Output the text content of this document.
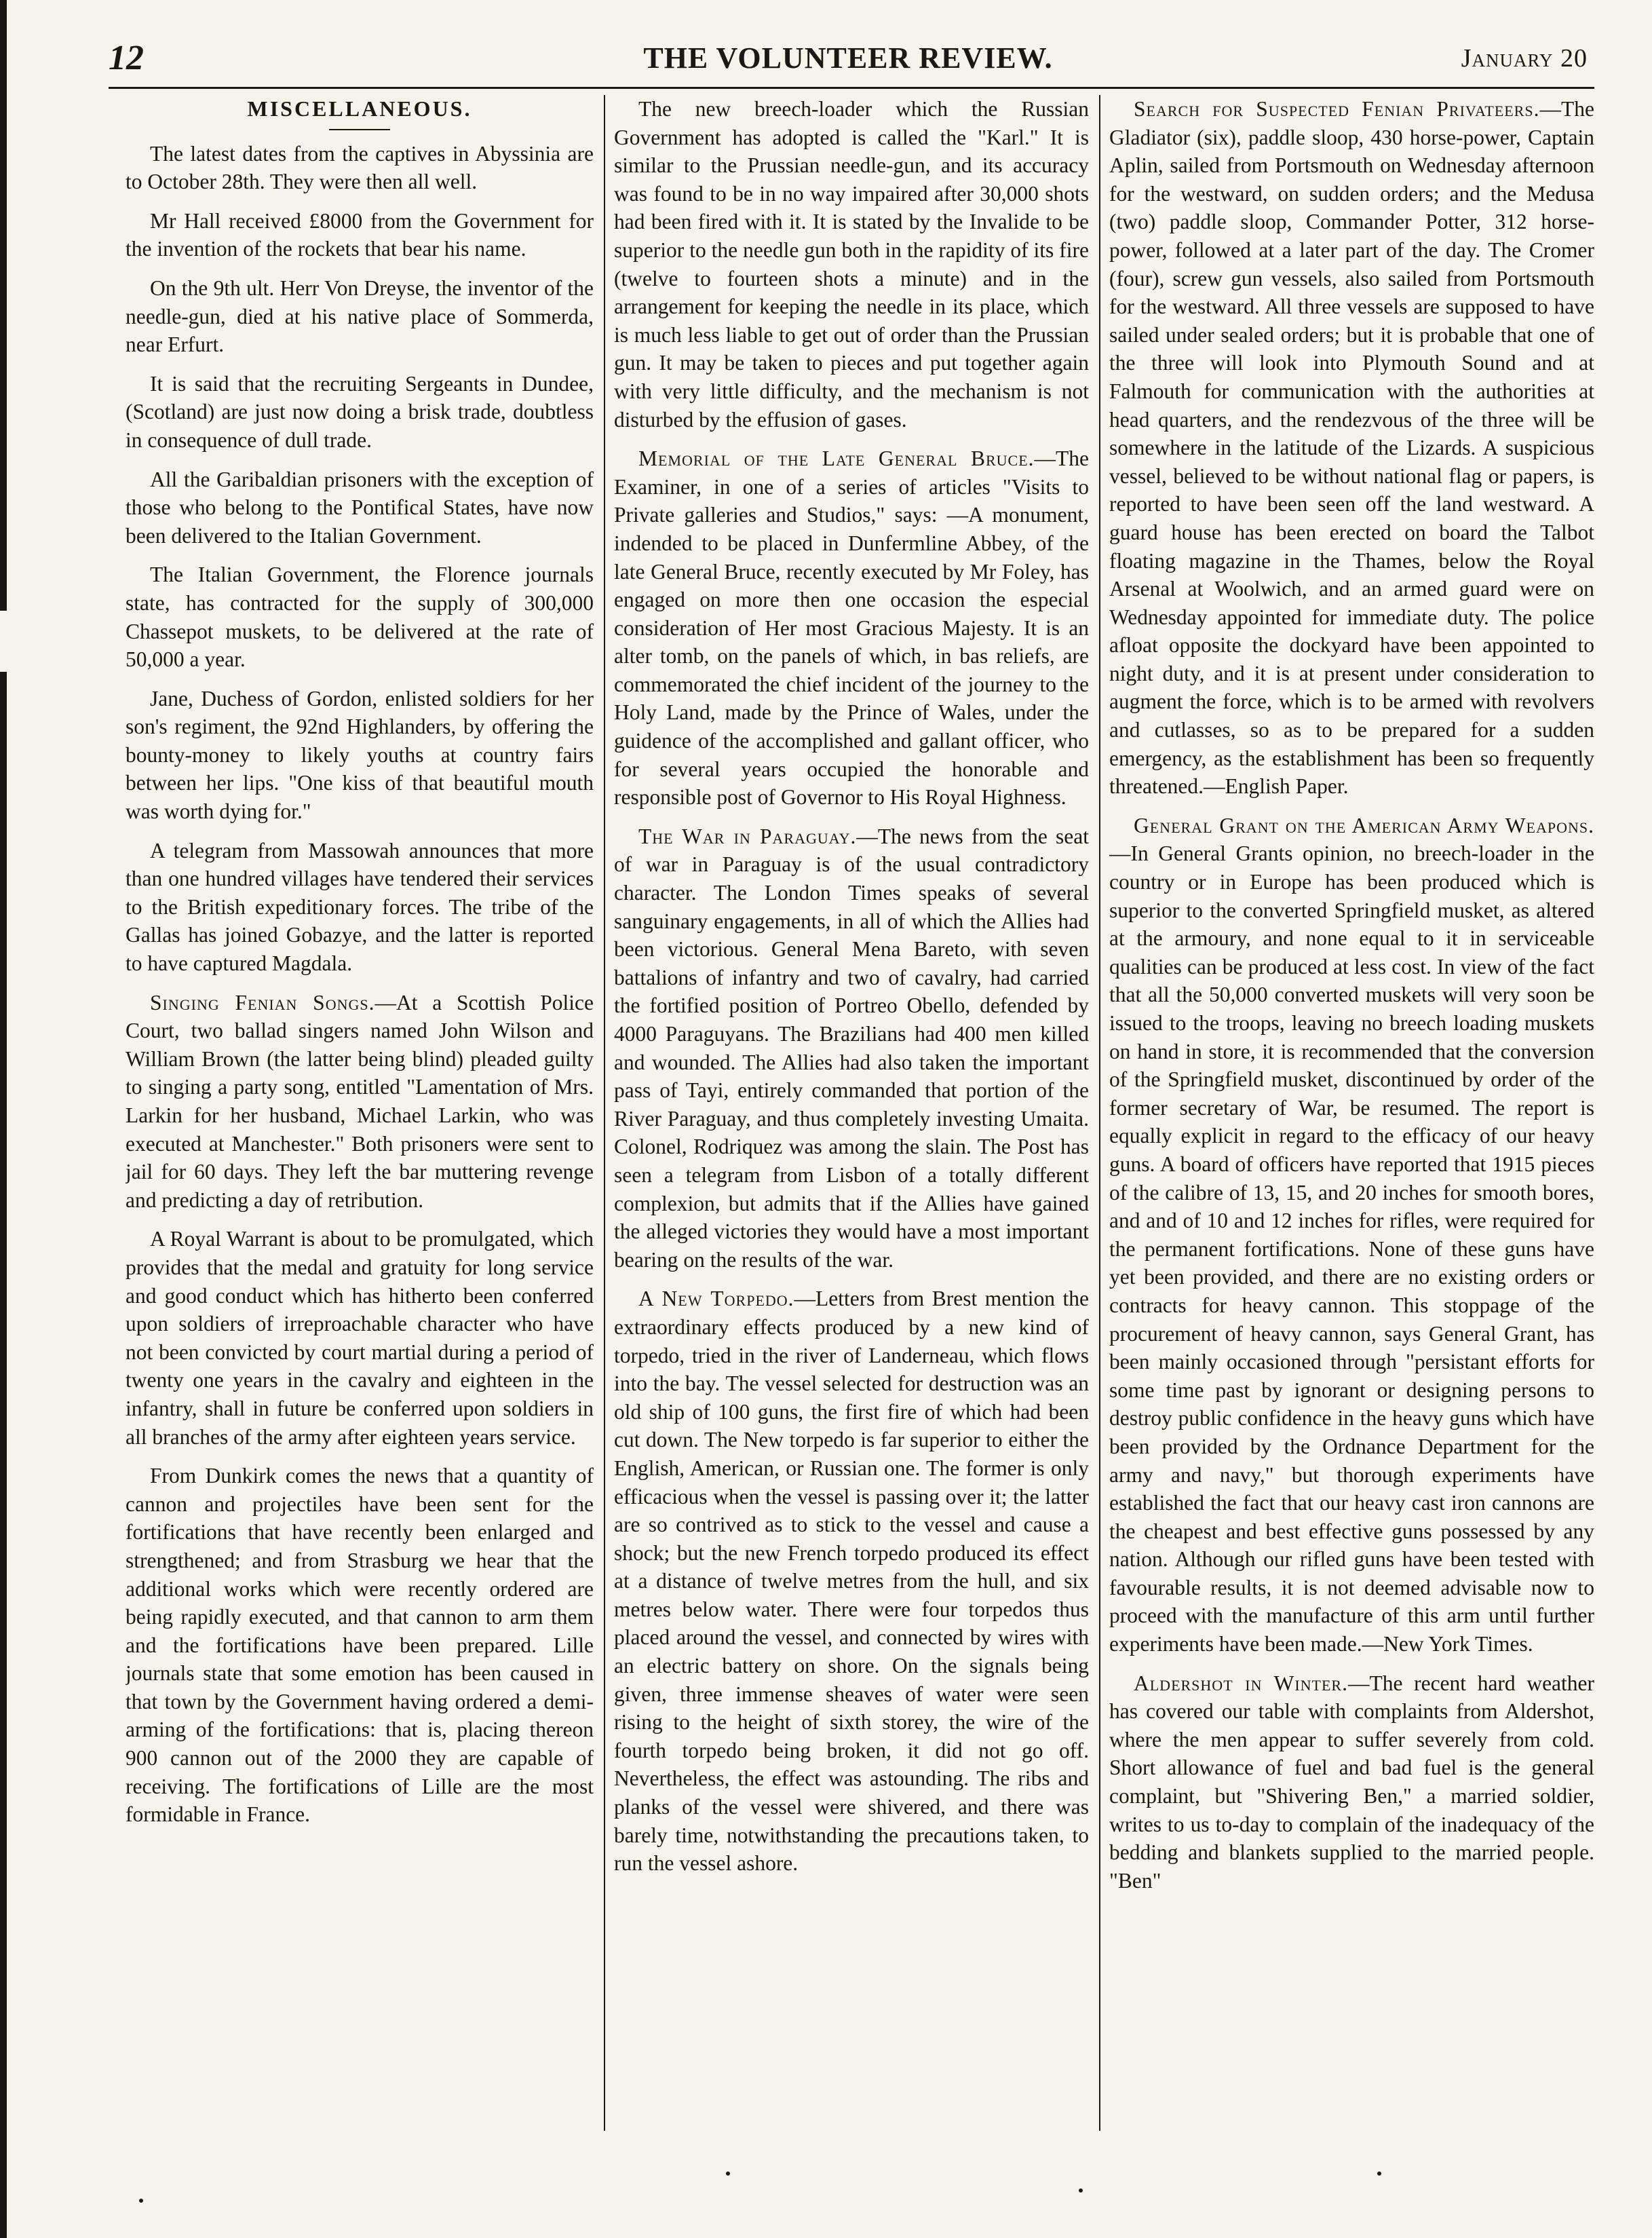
12	THE VOLUNTEER REVIEW.	January 20
MISCELLANEOUS.

The latest dates from the captives in Abyssinia are to October 28th. They were then all well.

Mr Hall received £8000 from the Government for the invention of the rockets that bear his name.

On the 9th ult. Herr Von Dreyse, the inventor of the needle-gun, died at his native place of Sommerda, near Erfurt.

It is said that the recruiting Sergeants in Dundee, (Scotland) are just now doing a brisk trade, doubtless in consequence of dull trade.

All the Garibaldian prisoners with the exception of those who belong to the Pontifical States, have now been delivered to the Italian Government.

The Italian Government, the Florence journals state, has contracted for the supply of 300,000 Chassepot muskets, to be delivered at the rate of 50,000 a year.

Jane, Duchess of Gordon, enlisted soldiers for her son's regiment, the 92nd Highlanders, by offering the bounty-money to likely youths at country fairs between her lips. "One kiss of that beautiful mouth was worth dying for."

A telegram from Massowah announces that more than one hundred villages have tendered their services to the British expeditionary forces. The tribe of the Gallas has joined Gobazye, and the latter is reported to have captured Magdala.

Singing Fenian Songs.—At a Scottish Police Court, two ballad singers named John Wilson and William Brown (the latter being blind) pleaded guilty to singing a party song, entitled "Lamentation of Mrs. Larkin for her husband, Michael Larkin, who was executed at Manchester." Both prisoners were sent to jail for 60 days. They left the bar muttering revenge and predicting a day of retribution.

A Royal Warrant is about to be promulgated, which provides that the medal and gratuity for long service and good conduct which has hitherto been conferred upon soldiers of irreproachable character who have not been convicted by court martial during a period of twenty one years in the cavalry and eighteen in the infantry, shall in future be conferred upon soldiers in all branches of the army after eighteen years service.

From Dunkirk comes the news that a quantity of cannon and projectiles have been sent for the fortifications that have recently been enlarged and strengthened; and from Strasburg we hear that the additional works which were recently ordered are being rapidly executed, and that cannon to arm them and the fortifications have been prepared. Lille journals state that some emotion has been caused in that town by the Government having ordered a demi-arming of the fortifications: that is, placing thereon 900 cannon out of the 2000 they are capable of receiving. The fortifications of Lille are the most formidable in France.

The new breech-loader which the Russian Government has adopted is called the "Karl." It is similar to the Prussian needle-gun, and its accuracy was found to be in no way impaired after 30,000 shots had been fired with it. It is stated by the Invalide to be superior to the needle gun both in the rapidity of its fire (twelve to fourteen shots a minute) and in the arrangement for keeping the needle in its place, which is much less liable to get out of order than the Prussian gun. It may be taken to pieces and put together again with very little difficulty, and the mechanism is not disturbed by the effusion of gases.

Memorial of the Late General Bruce.—The Examiner, in one of a series of articles "Visits to Private galleries and Studios," says: —A monument, indended to be placed in Dunfermline Abbey, of the late General Bruce, recently executed by Mr Foley, has engaged on more then one occasion the especial consideration of Her most Gracious Majesty. It is an alter tomb, on the panels of which, in bas reliefs, are commemorated the chief incident of the journey to the Holy Land, made by the Prince of Wales, under the guidence of the accomplished and gallant officer, who for several years occupied the honorable and responsible post of Governor to His Royal Highness.

The War in Paraguay.—The news from the seat of war in Paraguay is of the usual contradictory character. The London Times speaks of several sanguinary engagements, in all of which the Allies had been victorious. General Mena Bareto, with seven battalions of infantry and two of cavalry, had carried the fortified position of Portreo Obello, defended by 4000 Paraguyans. The Brazilians had 400 men killed and wounded. The Allies had also taken the important pass of Tayi, entirely commanded that portion of the River Paraguay, and thus completely investing Umaita. Colonel, Rodriquez was among the slain. The Post has seen a telegram from Lisbon of a totally different complexion, but admits that if the Allies have gained the alleged victories they would have a most important bearing on the results of the war.

A New Torpedo.—Letters from Brest mention the extraordinary effects produced by a new kind of torpedo, tried in the river of Landerneau, which flows into the bay. The vessel selected for destruction was an old ship of 100 guns, the first fire of which had been cut down. The New torpedo is far superior to either the English, American, or Russian one. The former is only efficacious when the vessel is passing over it; the latter are so contrived as to stick to the vessel and cause a shock; but the new French torpedo produced its effect at a distance of twelve metres from the hull, and six metres below water. There were four torpedos thus placed around the vessel, and connected by wires with an electric battery on shore. On the signals being given, three immense sheaves of water were seen rising to the height of sixth storey, the wire of the fourth torpedo being broken, it did not go off. Nevertheless, the effect was astounding. The ribs and planks of the vessel were shivered, and there was barely time, notwithstanding the precautions taken, to run the vessel ashore.

Search for Suspected Fenian Privateers.—The Gladiator (six), paddle sloop, 430 horse-power, Captain Aplin, sailed from Portsmouth on Wednesday afternoon for the westward, on sudden orders; and the Medusa (two) paddle sloop, Commander Potter, 312 horse-power, followed at a later part of the day. The Cromer (four), screw gun vessels, also sailed from Portsmouth for the westward. All three vessels are supposed to have sailed under sealed orders; but it is probable that one of the three will look into Plymouth Sound and at Falmouth for communication with the authorities at head quarters, and the rendezvous of the three will be somewhere in the latitude of the Lizards. A suspicious vessel, believed to be without national flag or papers, is reported to have been seen off the land westward. A guard house has been erected on board the Talbot floating magazine in the Thames, below the Royal Arsenal at Woolwich, and an armed guard were on Wednesday appointed for immediate duty. The police afloat opposite the dockyard have been appointed to night duty, and it is at present under consideration to augment the force, which is to be armed with revolvers and cutlasses, so as to be prepared for a sudden emergency, as the establishment has been so frequently threatened.—English Paper.

General Grant on the American Army Weapons.—In General Grants opinion, no breech-loader in the country or in Europe has been produced which is superior to the converted Springfield musket, as altered at the armoury, and none equal to it in serviceable qualities can be produced at less cost. In view of the fact that all the 50,000 converted muskets will very soon be issued to the troops, leaving no breech loading muskets on hand in store, it is recommended that the conversion of the Springfield musket, discontinued by order of the former secretary of War, be resumed. The report is equally explicit in regard to the efficacy of our heavy guns. A board of officers have reported that 1915 pieces of the calibre of 13, 15, and 20 inches for smooth bores, and and of 10 and 12 inches for rifles, were required for the permanent fortifications. None of these guns have yet been provided, and there are no existing orders or contracts for heavy cannon. This stoppage of the procurement of heavy cannon, says General Grant, has been mainly occasioned through "persistant efforts for some time past by ignorant or designing persons to destroy public confidence in the heavy guns which have been provided by the Ordnance Department for the army and navy," but thorough experiments have established the fact that our heavy cast iron cannons are the cheapest and best effective guns possessed by any nation. Although our rifled guns have been tested with favourable results, it is not deemed advisable now to proceed with the manufacture of this arm until further experiments have been made.—New York Times.

Aldershot in Winter.—The recent hard weather has covered our table with complaints from Aldershot, where the men appear to suffer severely from cold. Short allowance of fuel and bad fuel is the general complaint, but "Shivering Ben," a married soldier, writes to us to-day to complain of the inadequacy of the bedding and blankets supplied to the married people. "Ben"
